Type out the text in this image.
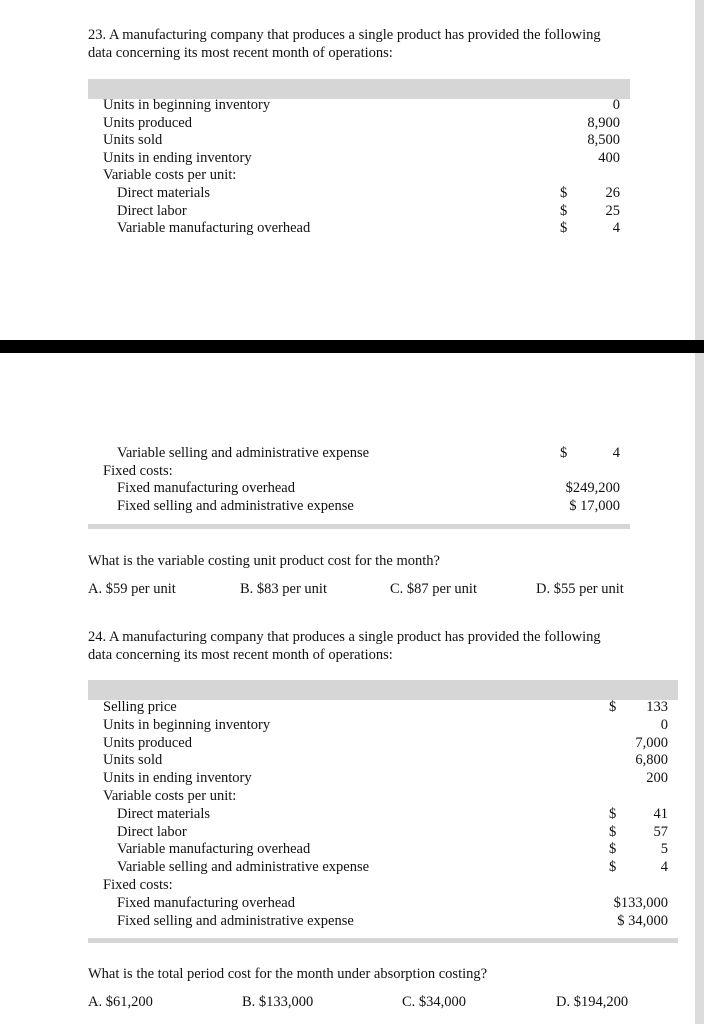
23. A manufacturing company that produces a single product has provided the following
data concerning its most recent month of operations:
Units in beginning inventory	0
Units produced	8,900
Units sold	8,500
Units in ending inventory	400
Variable costs per unit:
Direct materials	$	26
Direct labor	$	25
Variable manufacturing overhead	$	4
Variable selling and administrative expense	$	4
Fixed costs:
Fixed manufacturing overhead	$249,200
Fixed selling and administrative expense	$ 17,000
What is the variable costing unit product cost for the month?
A. $59 per unit	B. $83 per unit	C. $87 per unit	D. $55 per unit
24. A manufacturing company that produces a single product has provided the following
data concerning its most recent month of operations:
Selling price	$	133
Units in beginning inventory	0
Units produced	7,000
Units sold	6,800
Units in ending inventory	200
Variable costs per unit:
Direct materials	$	41
Direct labor	$	57
Variable manufacturing overhead	$	5
Variable selling and administrative expense	$	4
Fixed costs:
Fixed manufacturing overhead	$133,000
Fixed selling and administrative expense	$ 34,000
What is the total period cost for the month under absorption costing?
A. $61,200	B. $133,000	C. $34,000	D. $194,200
